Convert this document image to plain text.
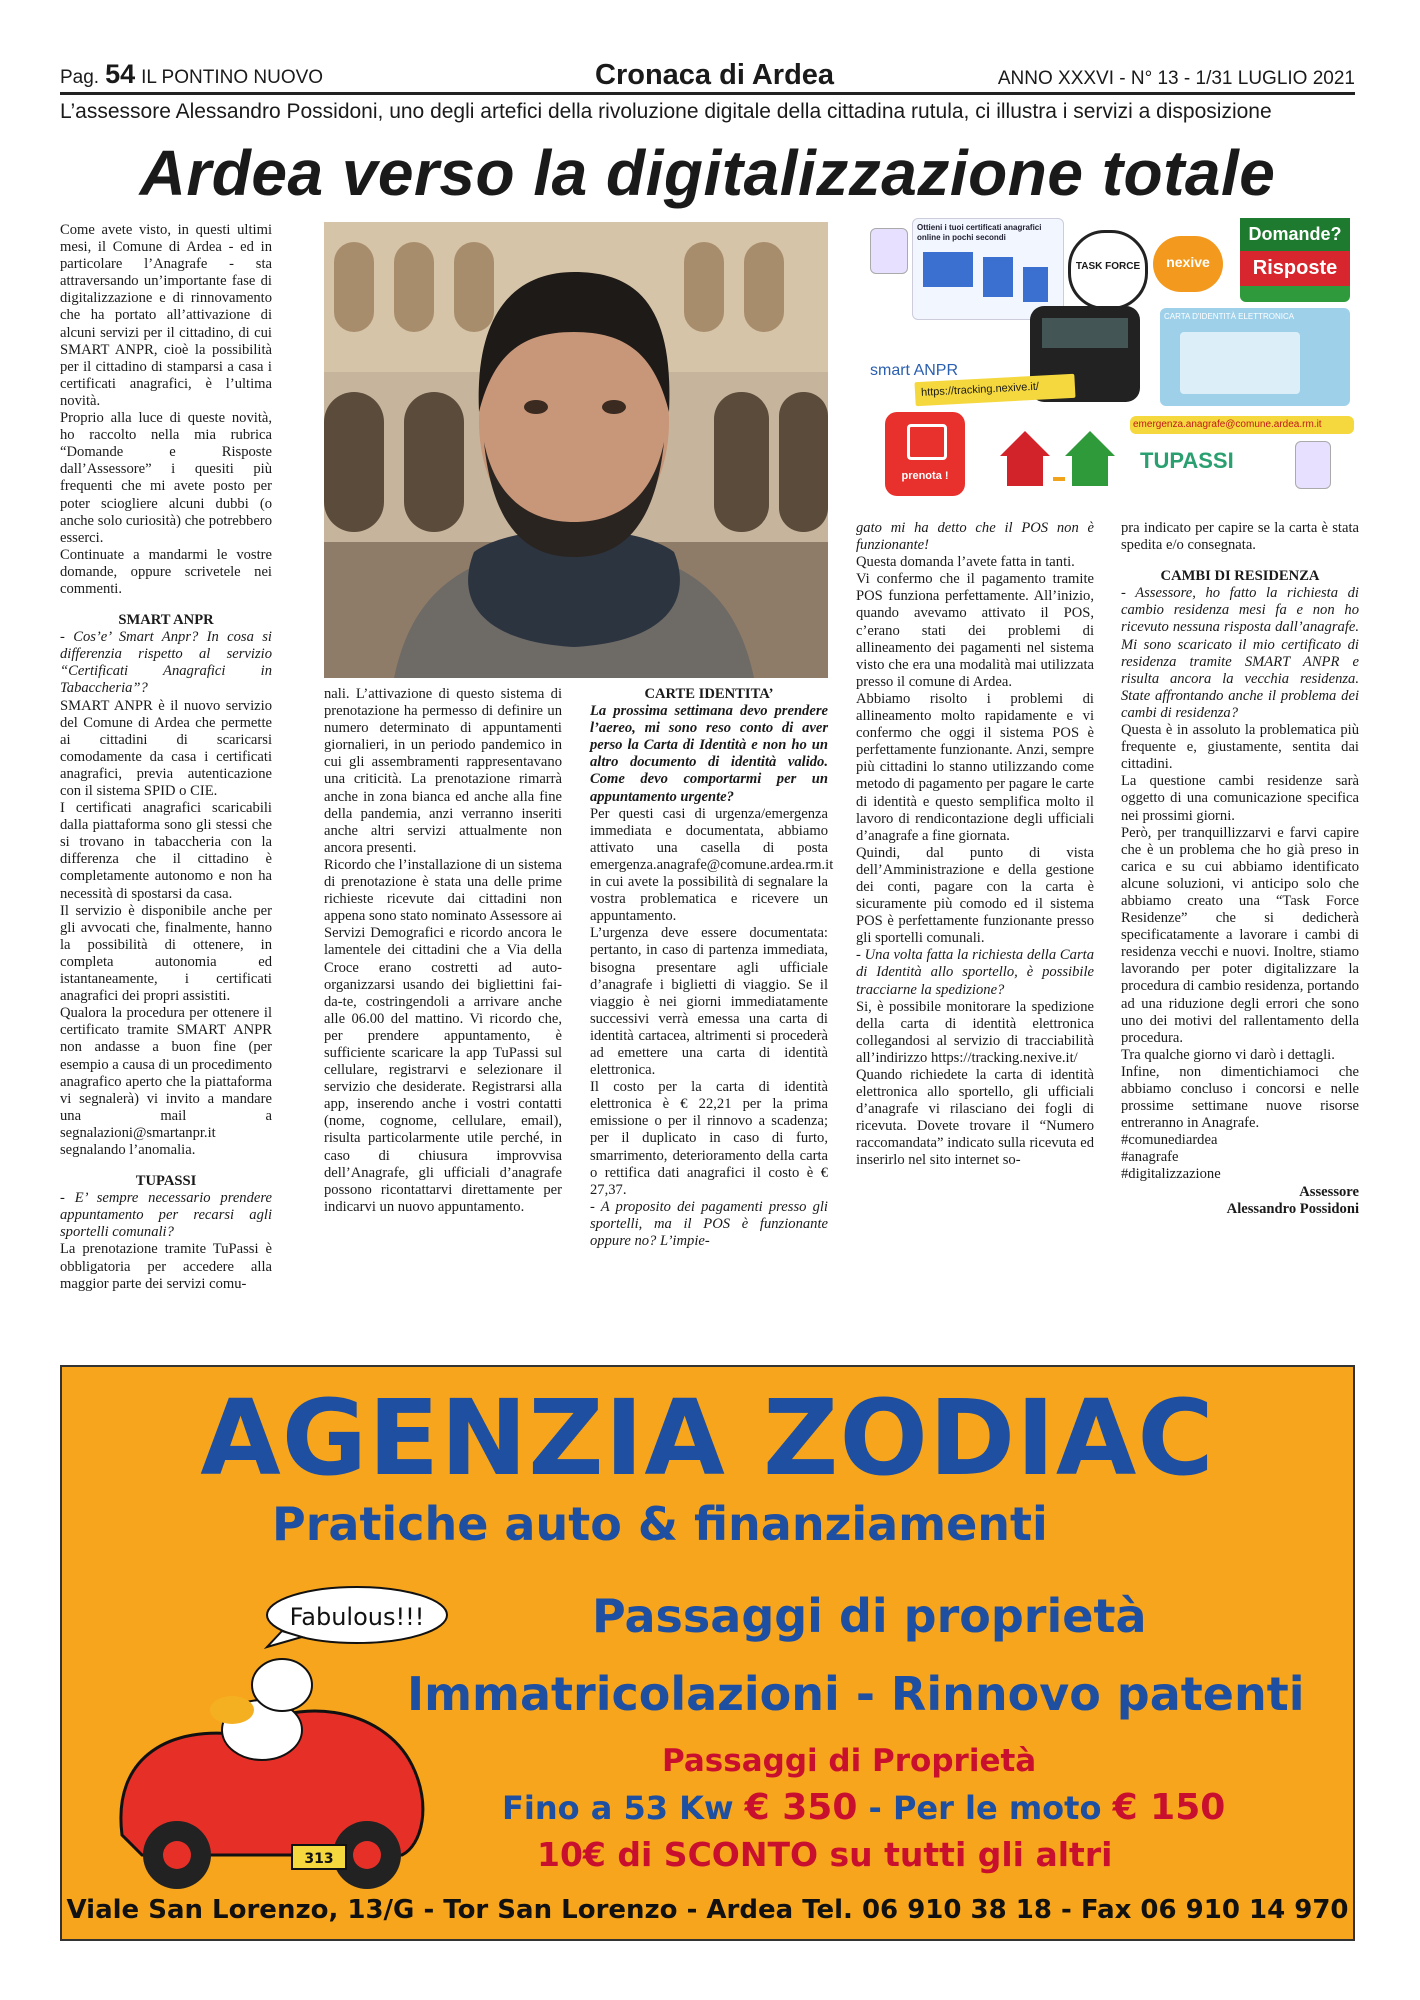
Pag. 54 IL PONTINO NUOVO	Cronaca di Ardea	ANNO XXXVI - N° 13 - 1/31 LUGLIO 2021
L’assessore Alessandro Possidoni, uno degli artefici della rivoluzione digitale della cittadina rutula, ci illustra i servizi a disposizione
Ardea verso la digitalizzazione totale
Ottieni i tuoi certificati anagrafici online in pochi secondi
TASK FORCE	nexive
Domande?
Risposte
CARTA D'IDENTITÀ ELETTRONICA
smart ANPR
https://tracking.nexive.it/
prenota !
emergenza.anagrafe@comune.ardea.rm.it
TUPASSI

Come avete visto, in questi ultimi mesi, il Comune di Ardea - ed in particolare l’Anagrafe - sta attraversando un’importante fase di digitalizzazione e di rinnovamento che ha portato all’attivazione di alcuni servizi per il cittadino, di cui SMART ANPR, cioè la possibilità per il cittadino di stamparsi a casa i certificati anagrafici, è l’ultima novità.

Proprio alla luce di queste novità, ho raccolto nella mia rubrica “Domande e Risposte dall’Assessore” i quesiti più frequenti che mi avete posto per poter sciogliere alcuni dubbi (o anche solo curiosità) che potrebbero esserci.

Continuate a mandarmi le vostre domande, oppure scrivetele nei commenti.

SMART ANPR

- Cos’e’ Smart Anpr? In cosa si differenzia rispetto al servizio “Certificati Anagrafici in Tabaccheria”?

SMART ANPR è il nuovo servizio del Comune di Ardea che permette ai cittadini di scaricarsi comodamente da casa i certificati anagrafici, previa autenticazione con il sistema SPID o CIE.

I certificati anagrafici scaricabili dalla piattaforma sono gli stessi che si trovano in tabaccheria con la differenza che il cittadino è completamente autonomo e non ha necessità di spostarsi da casa.

Il servizio è disponibile anche per gli avvocati che, finalmente, hanno la possibilità di ottenere, in completa autonomia ed istantaneamente, i certificati anagrafici dei propri assistiti.

Qualora la procedura per ottenere il certificato tramite SMART ANPR non andasse a buon fine (per esempio a causa di un procedimento anagrafico aperto che la piattaforma vi segnalerà) vi invito a mandare una mail a segnalazioni@smartanpr.it segnalando l’anomalia.

TUPASSI

- E’ sempre necessario prendere appuntamento per recarsi agli sportelli comunali?

La prenotazione tramite TuPassi è obbligatoria per accedere alla maggior parte dei servizi comu-

nali. L’attivazione di questo sistema di prenotazione ha permesso di definire un numero determinato di appuntamenti giornalieri, in un periodo pandemico in cui gli assembramenti rappresentavano una criticità. La prenotazione rimarrà anche in zona bianca ed anche alla fine della pandemia, anzi verranno inseriti anche altri servizi attualmente non ancora presenti.

Ricordo che l’installazione di un sistema di prenotazione è stata una delle prime richieste ricevute dai cittadini non appena sono stato nominato Assessore ai Servizi Demografici e ricordo ancora le lamentele dei cittadini che a Via della Croce erano costretti ad auto-organizzarsi usando dei bigliettini fai-da-te, costringendoli a arrivare anche alle 06.00 del mattino. Vi ricordo che, per prendere appuntamento, è sufficiente scaricare la app TuPassi sul cellulare, registrarvi e selezionare il servizio che desiderate. Registrarsi alla app, inserendo anche i vostri contatti (nome, cognome, cellulare, email), risulta particolarmente utile perché, in caso di chiusura improvvisa dell’Anagrafe, gli ufficiali d’anagrafe possono ricontattarvi direttamente per indicarvi un nuovo appuntamento.

CARTE IDENTITA’

La prossima settimana devo prendere l’aereo, mi sono reso conto di aver perso la Carta di Identità e non ho un altro documento di identità valido. Come devo comportarmi per un appuntamento urgente?

Per questi casi di urgenza/emergenza immediata e documentata, abbiamo attivato una casella di posta emergenza.anagrafe@comune.ardea.rm.it in cui avete la possibilità di segnalare la vostra problematica e ricevere un appuntamento.

L’urgenza deve essere documentata: pertanto, in caso di partenza immediata, bisogna presentare agli ufficiale d’anagrafe i biglietti di viaggio. Se il viaggio è nei giorni immediatamente successivi verrà emessa una carta di identità cartacea, altrimenti si procederà ad emettere una carta di identità elettronica.

Il costo per la carta di identità elettronica è € 22,21 per la prima emissione o per il rinnovo a scadenza; per il duplicato in caso di furto, smarrimento, deterioramento della carta o rettifica dati anagrafici il costo è € 27,37.

- A proposito dei pagamenti presso gli sportelli, ma il POS è funzionante oppure no? L’impie-

gato mi ha detto che il POS non è funzionante!

Questa domanda l’avete fatta in tanti.

Vi confermo che il pagamento tramite POS funziona perfettamente. All’inizio, quando avevamo attivato il POS, c’erano stati dei problemi di allineamento dei pagamenti nel sistema visto che era una modalità mai utilizzata presso il comune di Ardea.

Abbiamo risolto i problemi di allineamento molto rapidamente e vi confermo che oggi il sistema POS è perfettamente funzionante. Anzi, sempre più cittadini lo stanno utilizzando come metodo di pagamento per pagare le carte di identità e questo semplifica molto il lavoro di rendicontazione degli ufficiali d’anagrafe a fine giornata.

Quindi, dal punto di vista dell’Amministrazione e della gestione dei conti, pagare con la carta è sicuramente più comodo ed il sistema POS è perfettamente funzionante presso gli sportelli comunali.

- Una volta fatta la richiesta della Carta di Identità allo sportello, è possibile tracciarne la spedizione?

Si, è possibile monitorare la spedizione della carta di identità elettronica collegandosi al servizio di tracciabilità all’indirizzo https://tracking.nexive.it/

Quando richiedete la carta di identità elettronica allo sportello, gli ufficiali d’anagrafe vi rilasciano dei fogli di ricevuta. Dovete trovare il “Numero raccomandata” indicato sulla ricevuta ed inserirlo nel sito internet so-

pra indicato per capire se la carta è stata spedita e/o consegnata.

CAMBI DI RESIDENZA

- Assessore, ho fatto la richiesta di cambio residenza mesi fa e non ho ricevuto nessuna risposta dall’anagrafe. Mi sono scaricato il mio certificato di residenza tramite SMART ANPR e risulta ancora la vecchia residenza. State affrontando anche il problema dei cambi di residenza?

Questa è in assoluto la problematica più frequente e, giustamente, sentita dai cittadini.

La questione cambi residenze sarà oggetto di una comunicazione specifica nei prossimi giorni.

Però, per tranquillizzarvi e farvi capire che è un problema che ho già preso in carica e su cui abbiamo identificato alcune soluzioni, vi anticipo solo che abbiamo creato una “Task Force Residenze” che si dedicherà specificatamente a lavorare i cambi di residenza vecchi e nuovi. Inoltre, stiamo lavorando per poter digitalizzare la procedura di cambio residenza, portando ad una riduzione degli errori che sono uno dei motivi del rallentamento della procedura.

Tra qualche giorno vi darò i dettagli.

Infine, non dimentichiamoci che abbiamo concluso i concorsi e nelle prossime settimane nuove risorse entreranno in Anagrafe.

#comunediardea

#anagrafe

#digitalizzazione

Assessore

Alessandro Possidoni

AGENZIA ZODIAC
Pratiche auto & finanziamenti
Fabulous!!!
313
Passaggi di proprietà
Immatricolazioni - Rinnovo patenti
Passaggi di Proprietà
Fino a 53 Kw € 350 - Per le moto € 150
10€ di SCONTO su tutti gli altri
Viale San Lorenzo, 13/G - Tor San Lorenzo - Ardea Tel. 06 910 38 18 - Fax 06 910 14 970
